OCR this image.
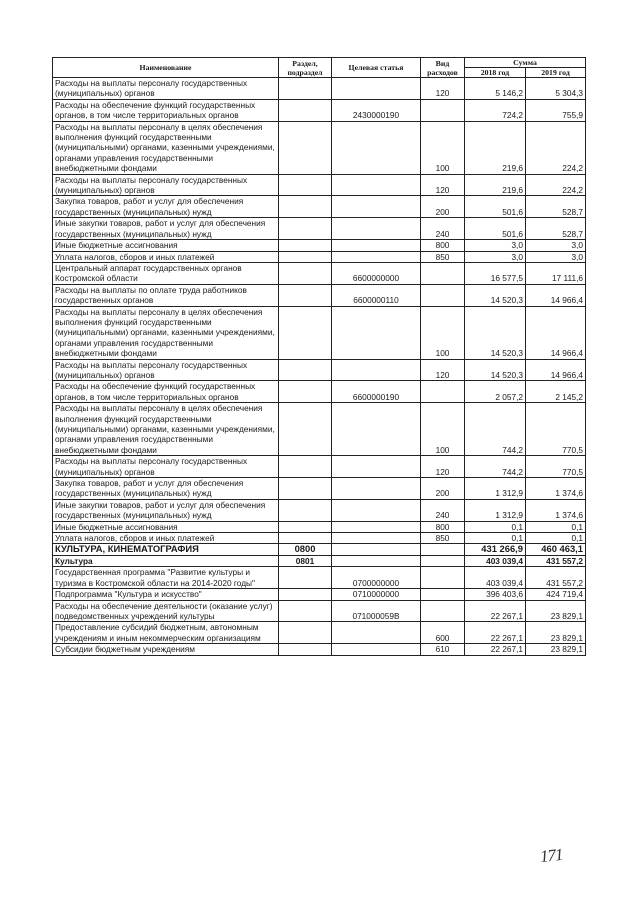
Наименование	Раздел, подраздел	Целевая статья	Вид расходов	Сумма	
				2018 год	2019 год
Расходы на выплаты персоналу государственных (муниципальных) органов			120	5 146,2	5 304,3
Расходы на обеспечение функций государственных органов, в том числе территориальных органов		2430000190		724,2	755,9
Расходы на выплаты персоналу в целях обеспечения выполнения функций государственными (муниципальными) органами, казенными учреждениями, органами управления государственными внебюджетными фондами			100	219,6	224,2
Расходы на выплаты персоналу государственных (муниципальных) органов			120	219,6	224,2
Закупка товаров, работ и услуг для обеспечения государственных (муниципальных) нужд			200	501,6	528,7
Иные закупки товаров, работ и услуг для обеспечения государственных (муниципальных) нужд			240	501,6	528,7
Иные бюджетные ассигнования			800	3,0	3,0
Уплата налогов, сборов и иных платежей			850	3,0	3,0
Центральный аппарат государственных органов Костромской области		6600000000		16 577,5	17 111,6
Расходы на выплаты по оплате труда работников государственных органов		6600000110		14 520,3	14 966,4
Расходы на выплаты персоналу в целях обеспечения выполнения функций государственными (муниципальными) органами, казенными учреждениями, органами управления государственными внебюджетными фондами			100	14 520,3	14 966,4
Расходы на выплаты персоналу государственных (муниципальных) органов			120	14 520,3	14 966,4
Расходы на обеспечение функций государственных органов, в том числе территориальных органов		6600000190		2 057,2	2 145,2
Расходы на выплаты персоналу в целях обеспечения выполнения функций государственными (муниципальными) органами, казенными учреждениями, органами управления государственными внебюджетными фондами			100	744,2	770,5
Расходы на выплаты персоналу государственных (муниципальных) органов			120	744,2	770,5
Закупка товаров, работ и услуг для обеспечения государственных (муниципальных) нужд			200	1 312,9	1 374,6
Иные закупки товаров, работ и услуг для обеспечения государственных (муниципальных) нужд			240	1 312,9	1 374,6
Иные бюджетные ассигнования			800	0,1	0,1
Уплата налогов, сборов и иных платежей			850	0,1	0,1
КУЛЬТУРА, КИНЕМАТОГРАФИЯ	0800			431 266,9	460 463,1
Культура	0801			403 039,4	431 557,2
Государственная программа "Развитие культуры и туризма в Костромской области на 2014-2020 годы"		0700000000		403 039,4	431 557,2
Подпрограмма "Культура и искусство"		0710000000		396 403,6	424 719,4
Расходы на обеспечение деятельности (оказание услуг) подведомственных учреждений культуры		071000059В		22 267,1	23 829,1
Предоставление субсидий бюджетным, автономным учреждениям и иным некоммерческим организациям			600	22 267,1	23 829,1
Субсидии бюджетным учреждениям			610	22 267,1	23 829,1
171
